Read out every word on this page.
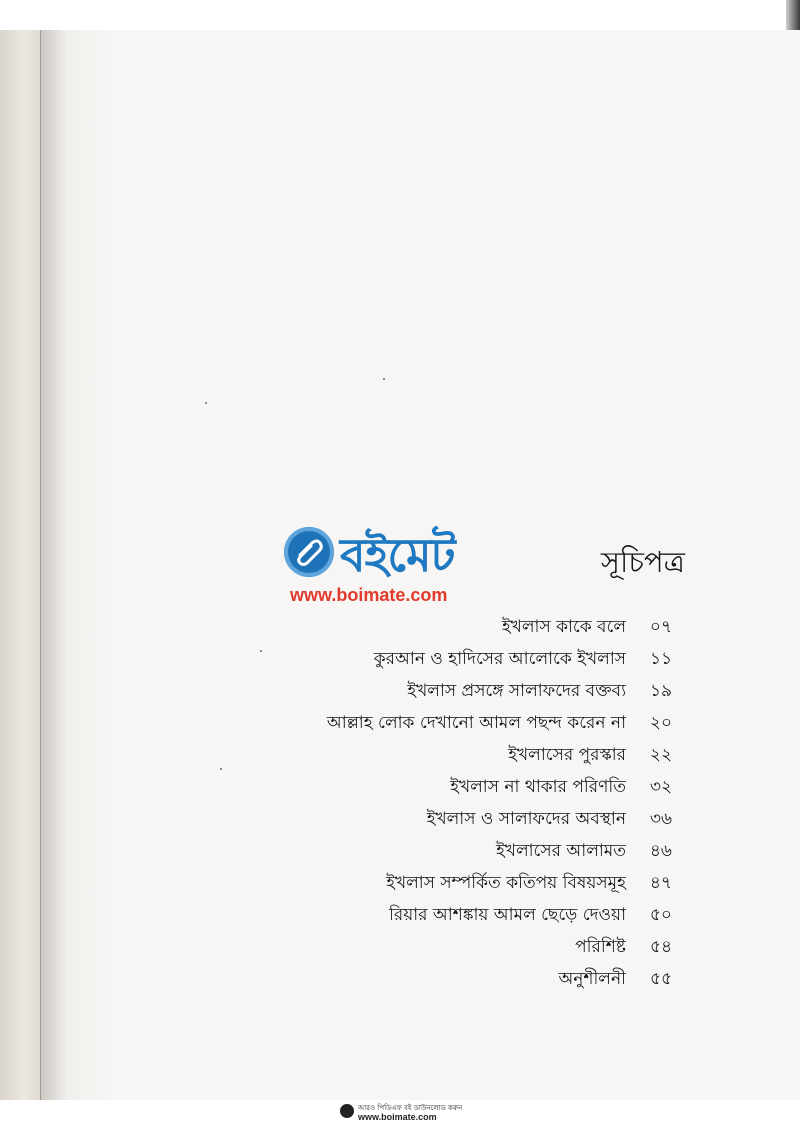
বইমেট
www.boimate.com
সূচিপত্র
ইখলাস কাকে বলে	০৭
কুরআন ও হাদিসের আলোকে ইখলাস	১১
ইখলাস প্রসঙ্গে সালাফদের বক্তব্য	১৯
আল্লাহ লোক দেখানো আমল পছন্দ করেন না	২০
ইখলাসের পুরস্কার	২২
ইখলাস না থাকার পরিণতি	৩২
ইখলাস ও সালাফদের অবস্থান	৩৬
ইখলাসের আলামত	৪৬
ইখলাস সম্পর্কিত কতিপয় বিষয়সমূহ	৪৭
রিয়ার আশঙ্কায় আমল ছেড়ে দেওয়া	৫০
পরিশিষ্ট	৫৪
অনুশীলনী	৫৫
আরও পিডিএফ বই ডাউনলোড করুন
www.boimate.com
